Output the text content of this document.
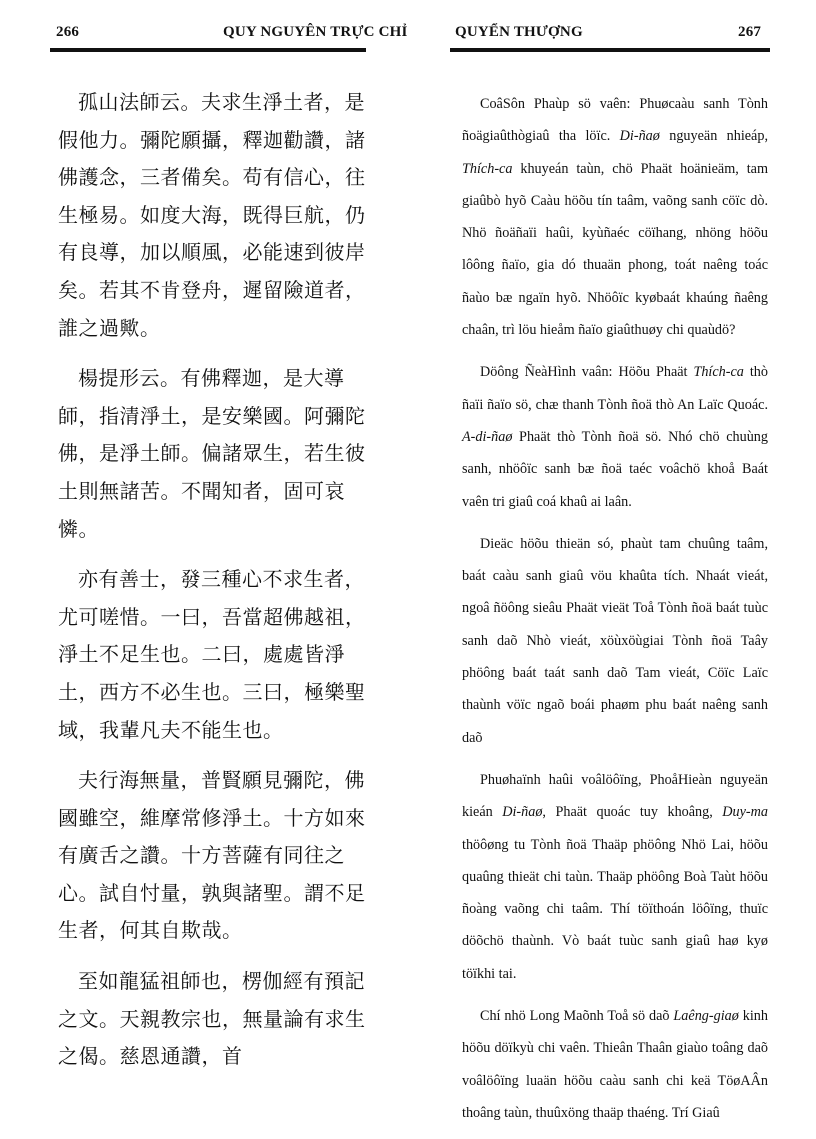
266	QUY NGUYÊN TRỰC CHỈ

孤山法師云。夫求生淨土者，是假他力。彌陀願攝，釋迦勸讚，諸佛護念，三者備矣。苟有信心，往生極易。如度大海，既得巨航，仍有良導，加以順風，必能速到彼岸矣。若其不肯登舟，遲留險道者，誰之過歟。

楊提形云。有佛釋迦，是大導師，指清淨土，是安樂國。阿彌陀佛，是淨土師。偏諸眾生，若生彼土則無諸苦。不聞知者，固可哀憐。

亦有善士，發三種心不求生者，尤可嗟惜。一曰，吾當超佛越祖，淨土不足生也。二曰，處處皆淨土，西方不必生也。三曰，極樂聖域，我輩凡夫不能生也。

夫行海無量，普賢願見彌陀，佛國雖空，維摩常修淨土。十方如來有廣舌之讚。十方菩薩有同往之心。試自忖量，孰與諸聖。謂不足生者，何其自欺哉。

至如龍猛祖師也，楞伽經有預記之文。天親教宗也，無量論有求生之偈。慈恩通讚，首

QUYỂN THƯỢNG	267

CoâSôn Phaùp sö vaên: Phuøcaàu sanh Tònh ñoägiaûthògiaû tha löïc. Di-ñaø nguyeän nhieáp, Thích-ca khuyeán taùn, chö Phaät hoänieäm, tam giaûbò hyõ Caàu höõu tín taâm, vaõng sanh cöïc dò. Nhö ñoäñaïi haûi, kyùñaéc cöïhang, nhöng höõu lôông ñaïo, gia dó thuaän phong, toát naêng toác ñaùo bæ ngaïn hyõ. Nhöôïc kyøbaát khaúng ñaêng chaân, trì löu hieåm ñaïo giaûthuøy chi quaùdö?

Döông ÑeàHình vaân: Höõu Phaät Thích-ca thò ñaïi ñaïo sö, chæ thanh Tònh ñoä thò An Laïc Quoác. A-di-ñaø Phaät thò Tònh ñoä sö. Nhó chö chuùng sanh, nhöôïc sanh bæ ñoä taéc voâchö khoå Baát vaên tri giaû coá khaû ai laân.

Dieäc höõu thieän só, phaùt tam chuûng taâm, baát caàu sanh giaû vöu khaûta tích. Nhaát vieát, ngoâ ñöông sieâu Phaät vieät Toå Tònh ñoä baát tuùc sanh daõ Nhò vieát, xöùxöùgiai Tònh ñoä Taây phöông baát taát sanh daõ Tam vieát, Cöïc Laïc thaùnh vöïc ngaõ boái phaøm phu baát naêng sanh daõ

Phuøhaïnh haûi voâlöôïng, PhoåHieàn nguyeän kieán Di-ñaø, Phaät quoác tuy khoâng, Duy-ma thöôøng tu Tònh ñoä Thaäp phöông Nhö Lai, höõu quaûng thieät chi taùn. Thaäp phöông Boà Taùt höõu ñoàng vaõng chi taâm. Thí töïthoán löôïng, thuïc döõchö thaùnh. Vò baát tuùc sanh giaû haø kyø töïkhi tai.

Chí nhö Long Maõnh Toå sö daõ Laêng-giaø kinh höõu döïkyù chi vaên. Thieân Thaân giaùo toâng daõ voâlöôïng luaän höõu caàu sanh chi keä TöøAÂn thoâng taùn, thuûxöng thaäp thaéng. Trí Giaû
